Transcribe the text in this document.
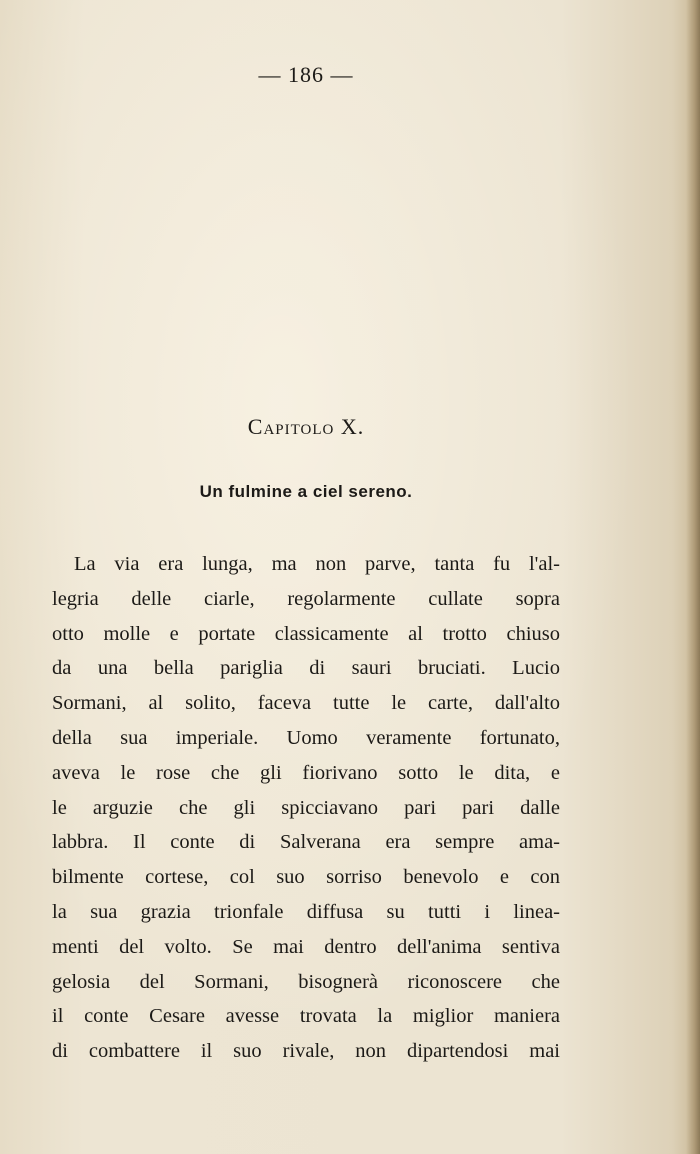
— 186 —
Capitolo X.
Un fulmine a ciel sereno.
La via era lunga, ma non parve, tanta fu l'al-
legria delle ciarle, regolarmente cullate sopra
otto molle e portate classicamente al trotto chiuso
da una bella pariglia di sauri bruciati. Lucio
Sormani, al solito, faceva tutte le carte, dall'alto
della sua imperiale. Uomo veramente fortunato,
aveva le rose che gli fiorivano sotto le dita, e
le arguzie che gli spicciavano pari pari dalle
labbra. Il conte di Salverana era sempre ama-
bilmente cortese, col suo sorriso benevolo e con
la sua grazia trionfale diffusa su tutti i linea-
menti del volto. Se mai dentro dell'anima sentiva
gelosia del Sormani, bisognerà riconoscere che
il conte Cesare avesse trovata la miglior maniera
di combattere il suo rivale, non dipartendosi mai
